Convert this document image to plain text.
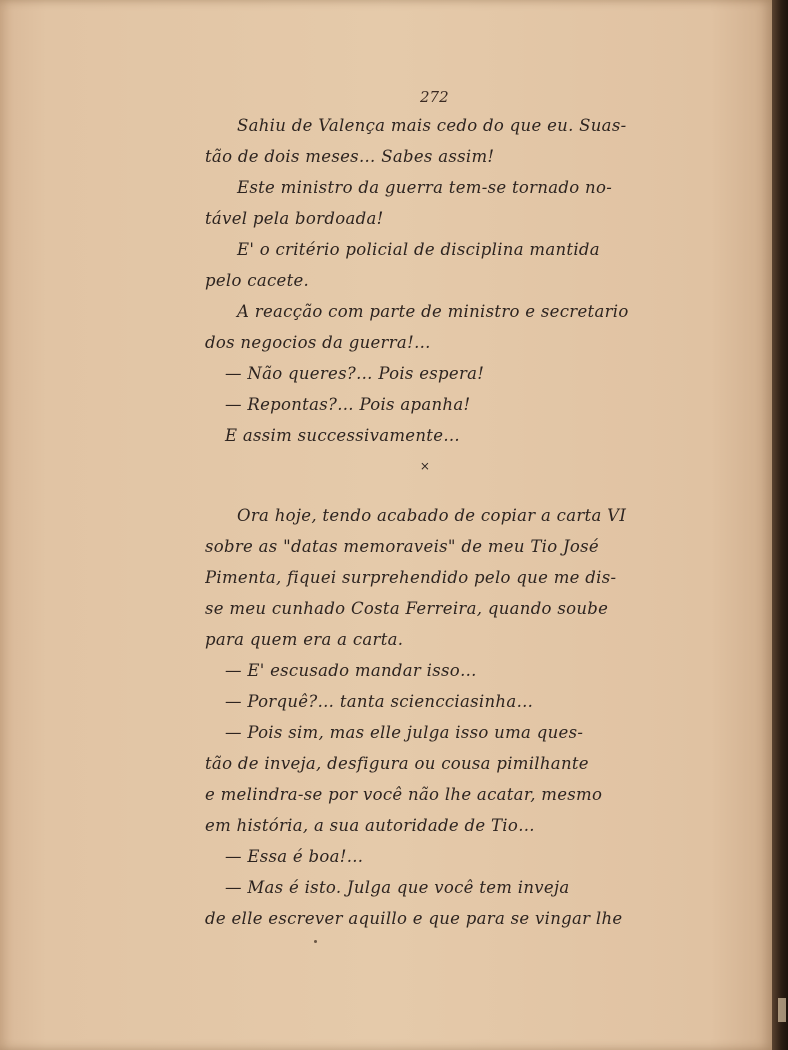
272
Sahiu de Valença mais cedo do que eu. Suas-
tão de dois meses… Sabes assim!
Este ministro da guerra tem-se tornado no-
tável pela bordoada!
E' o critério policial de disciplina mantida
pelo cacete.
A reacção com parte de ministro e secretario
dos negocios da guerra!…
— Não queres?… Pois espera!
— Repontas?… Pois apanha!
E assim successivamente…
×
Ora hoje, tendo acabado de copiar a carta VI
sobre as "datas memoraveis" de meu Tio José
Pimenta, fiquei surprehendido pelo que me dis-
se meu cunhado Costa Ferreira, quando soube
para quem era a carta.
— E' escusado mandar isso…
— Porquê?… tanta sciencciasinha…
— Pois sim, mas elle julga isso uma ques-
tão de inveja, desfigura ou cousa pimilhante
e melindra-se por você não lhe acatar, mesmo
em história, a sua autoridade de Tio…
— Essa é boa!…
— Mas é isto. Julga que você tem inveja
de elle escrever aquillo e que para se vingar lhe
